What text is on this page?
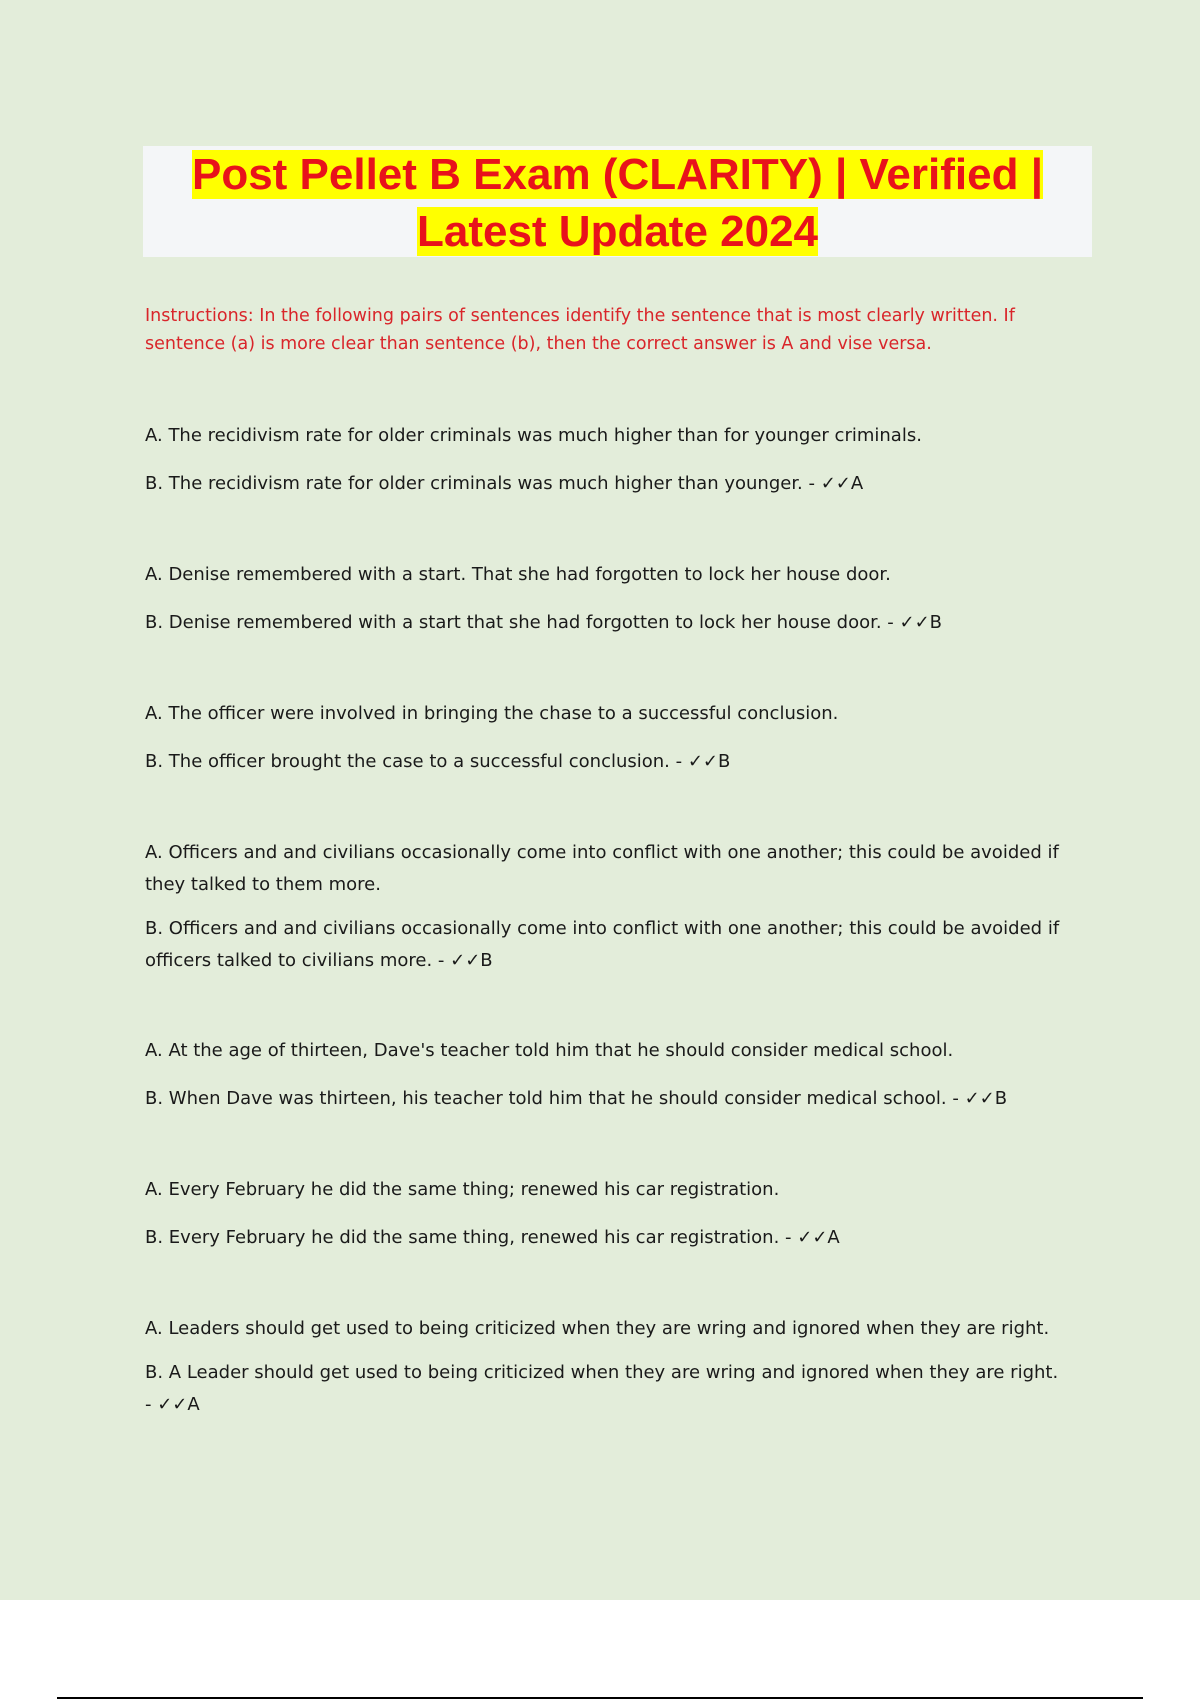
Post Pellet B Exam (CLARITY) | Verified |
Latest Update 2024
Instructions: In the following pairs of sentences identify the sentence that is most clearly written. If sentence (a) is more clear than sentence (b), then the correct answer is A and vise versa.

A. The recidivism rate for older criminals was much higher than for younger criminals.

B. The recidivism rate for older criminals was much higher than younger. - ✓✓A

A. Denise remembered with a start. That she had forgotten to lock her house door.

B. Denise remembered with a start that she had forgotten to lock her house door. - ✓✓B

A. The officer were involved in bringing the chase to a successful conclusion.

B. The officer brought the case to a successful conclusion. - ✓✓B

A. Officers and and civilians occasionally come into conflict with one another; this could be avoided if they talked to them more.

B. Officers and and civilians occasionally come into conflict with one another; this could be avoided if officers talked to civilians more. - ✓✓B

A. At the age of thirteen, Dave's teacher told him that he should consider medical school.

B. When Dave was thirteen, his teacher told him that he should consider medical school. - ✓✓B

A. Every February he did the same thing; renewed his car registration.

B. Every February he did the same thing, renewed his car registration. - ✓✓A

A. Leaders should get used to being criticized when they are wring and ignored when they are right.

B. A Leader should get used to being criticized when they are wring and ignored when they are right. - ✓✓A
